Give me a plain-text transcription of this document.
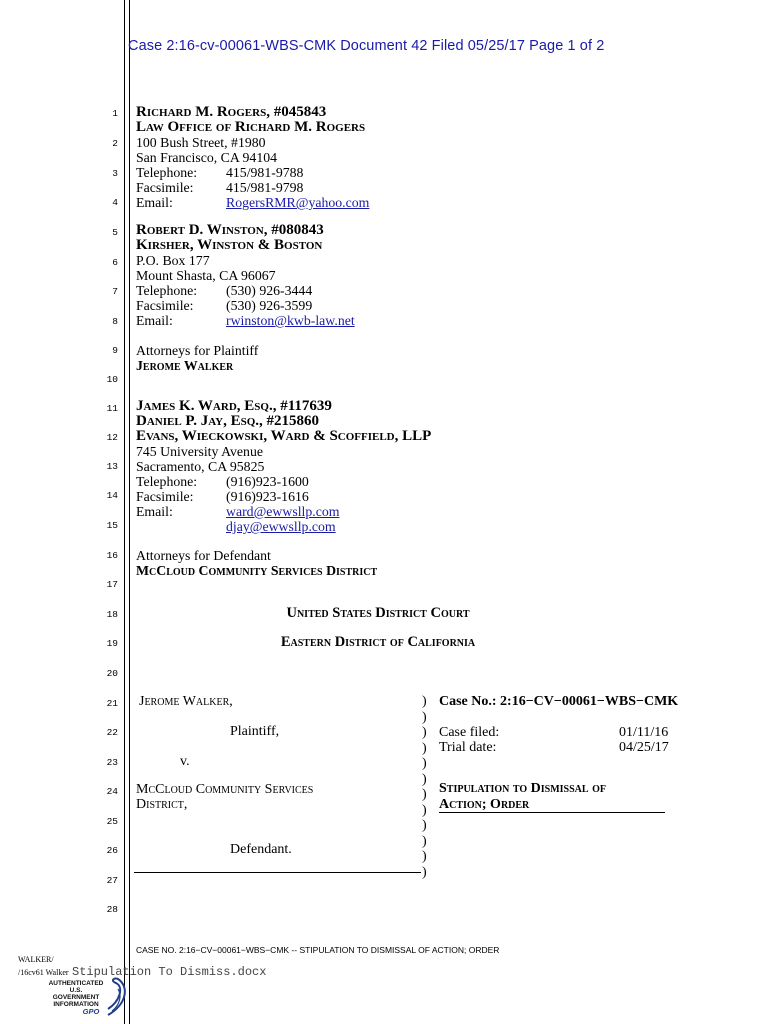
Case 2:16-cv-00061-WBS-CMK Document 42 Filed 05/25/17 Page 1 of 2
1
2
3
4
5
6
7
8
9
10
11
12
13
14
15
16
17
18
19
20
21
22
23
24
25
26
27
28
Richard M. Rogers, #045843
Law Office of Richard M. Rogers
100 Bush Street, #1980
San Francisco, CA 94104
Telephone:	415/981-9788
Facsimile:	415/981-9798
Email:	RogersRMR@yahoo.com
Robert D. Winston, #080843
Kirsher, Winston & Boston
P.O. Box 177
Mount Shasta, CA 96067
Telephone:	(530) 926-3444
Facsimile:	(530) 926-3599
Email:	rwinston@kwb-law.net
Attorneys for Plaintiff
Jerome Walker
James K. Ward, Esq., #117639
Daniel P. Jay, Esq., #215860
Evans, Wieckowski, Ward & Scoffield, LLP
745 University Avenue
Sacramento, CA 95825
Telephone:	(916)923-1600
Facsimile:	(916)923-1616
Email:	ward@ewwsllp.com
djay@ewwsllp.com
Attorneys for Defendant
McCloud Community Services District
United States District Court
Eastern District of California
Jerome Walker,
Plaintiff,
v.
McCloud Community Services
District,
Defendant.
)
)
)
)
)
)
)
)
)
)
)
)
Case No.: 2:16−CV−00061−WBS−CMK
Case filed:	01/11/16
Trial date:	04/25/17
Stipulation to Dismissal of
Action; Order
CASE NO. 2:16−CV−00061−WBS−CMK -- STIPULATION TO DISMISSAL OF ACTION; ORDER
WALKER/
/16cv61 Walker Stipulation To Dismiss.docx
AUTHENTICATED
U.S. GOVERNMENT
INFORMATION
GPO
